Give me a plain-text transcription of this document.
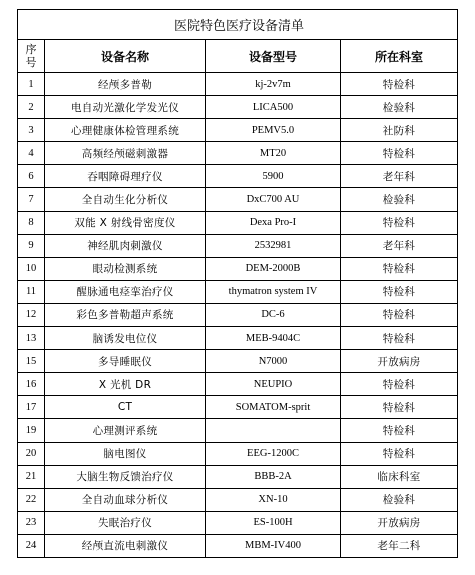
医院特色医疗设备清单			
序号	设备名称	设备型号	所在科室
1	经颅多普勒	kj-2v7m	特检科
2	电自动光激化学发光仪	LICA500	检验科
3	心理健康体检管理系统	PEMV5.0	社防科
4	高频经颅磁刺激器	MT20	特检科
6	吞咽障碍理疗仪	5900	老年科
7	全自动生化分析仪	DxC700 AU	检验科
8	双能 X 射线骨密度仪	Dexa Pro-I	特检科
9	神经肌肉刺激仪	2532981	老年科
10	眼动检测系统	DEM-2000B	特检科
11	醒脉通电痉挛治疗仪	thymatron system IV	特检科
12	彩色多普勒超声系统	DC-6	特检科
13	脑诱发电位仪	MEB-9404C	特检科
15	多导睡眠仪	N7000	开放病房
16	X 光机 DR	NEUPIO	特检科
17	CT	SOMATOM-sprit	特检科
19	心理测评系统		特检科
20	脑电图仪	EEG-1200C	特检科
21	大脑生物反馈治疗仪	BBB-2A	临床科室
22	全自动血球分析仪	XN-10	检验科
23	失眠治疗仪	ES-100H	开放病房
24	经颅直流电刺激仪	MBM-IV400	老年二科
